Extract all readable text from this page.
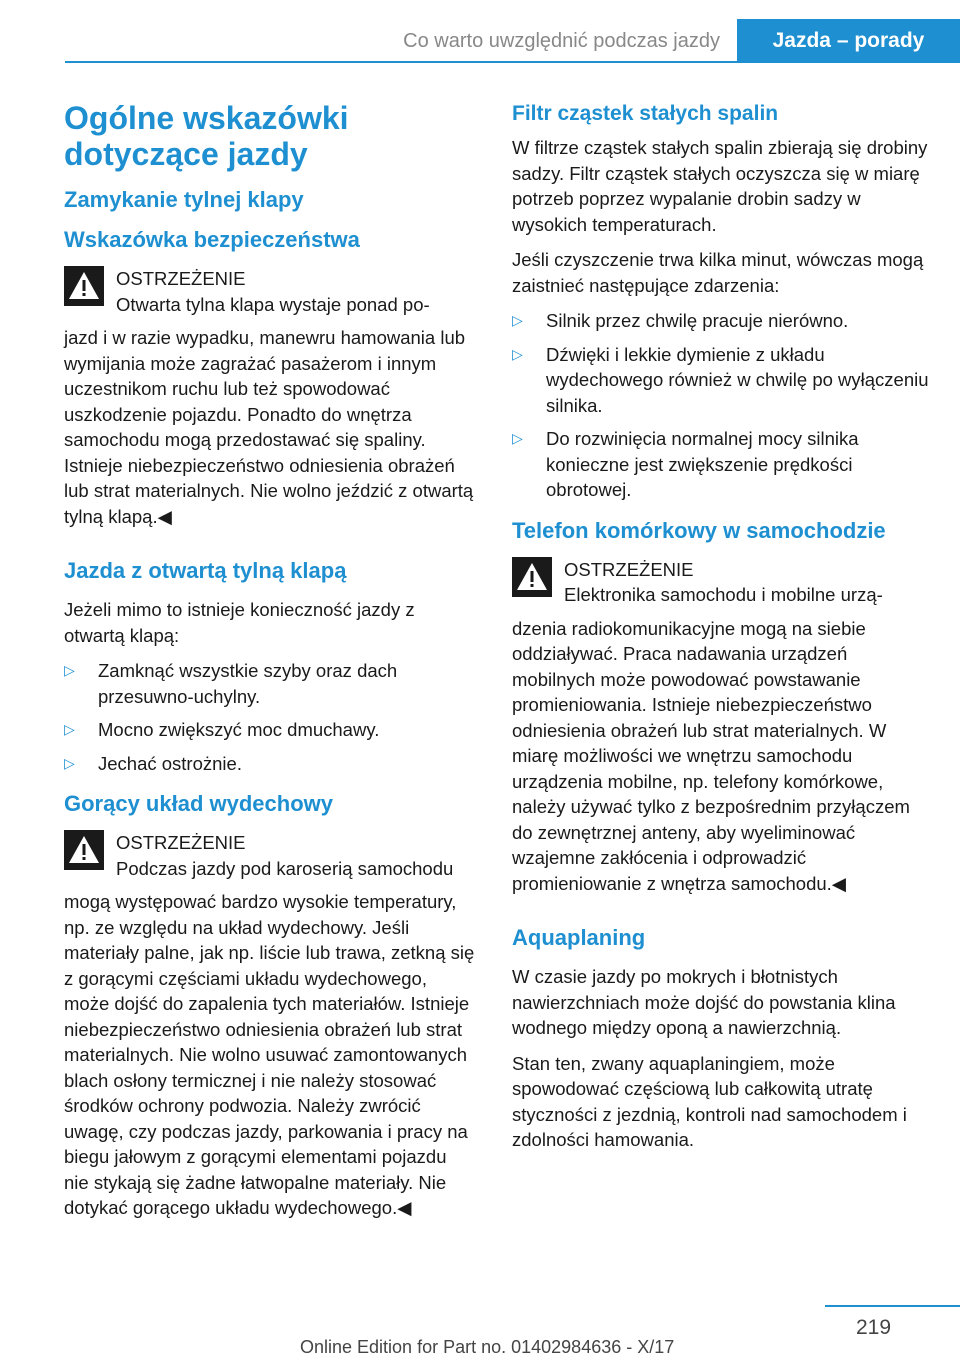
Co warto uwzględnić podczas jazdy	Jazda – porady
Ogólne wskazówki dotyczące jazdy
Zamykanie tylnej klapy
Wskazówka bezpieczeństwa
OSTRZEŻENIE
Otwarta tylna klapa wystaje ponad po-

jazd i w razie wypadku, manewru hamowania lub wymijania może zagrażać pasażerom i innym uczestnikom ruchu lub też spowodować uszkodzenie pojazdu. Ponadto do wnętrza samochodu mogą przedostawać się spaliny. Istnieje niebezpieczeństwo odniesienia obrażeń lub strat materialnych. Nie wolno jeździć z otwartą tylną klapą.◀

Jazda z otwartą tylną klapą

Jeżeli mimo to istnieje konieczność jazdy z otwartą klapą:

▷ Zamknąć wszystkie szyby oraz dach przesuwno-uchylny.
▷ Mocno zwiększyć moc dmuchawy.
▷ Jechać ostrożnie.
Gorący układ wydechowy
OSTRZEŻENIE
Podczas jazdy pod karoserią samochodu

mogą występować bardzo wysokie temperatury, np. ze względu na układ wydechowy. Jeśli materiały palne, jak np. liście lub trawa, zetkną się z gorącymi częściami układu wydechowego, może dojść do zapalenia tych materiałów. Istnieje niebezpieczeństwo odniesienia obrażeń lub strat materialnych. Nie wolno usuwać zamontowanych blach osłony termicznej i nie należy stosować środków ochrony podwozia. Należy zwrócić uwagę, czy podczas jazdy, parkowania i pracy na biegu jałowym z gorącymi elementami pojazdu nie stykają się żadne łatwopalne materiały. Nie dotykać gorącego układu wydechowego.◀

Filtr cząstek stałych spalin

W filtrze cząstek stałych spalin zbierają się drobiny sadzy. Filtr cząstek stałych oczyszcza się w miarę potrzeb poprzez wypalanie drobin sadzy w wysokich temperaturach.

Jeśli czyszczenie trwa kilka minut, wówczas mogą zaistnieć następujące zdarzenia:

▷ Silnik przez chwilę pracuje nierówno.
▷ Dźwięki i lekkie dymienie z układu wydechowego również w chwilę po wyłączeniu silnika.
▷ Do rozwinięcia normalnej mocy silnika konieczne jest zwiększenie prędkości obrotowej.
Telefon komórkowy w samochodzie
OSTRZEŻENIE
Elektronika samochodu i mobilne urzą-

dzenia radiokomunikacyjne mogą na siebie oddziaływać. Praca nadawania urządzeń mobilnych może powodować powstawanie promieniowania. Istnieje niebezpieczeństwo odniesienia obrażeń lub strat materialnych. W miarę możliwości we wnętrzu samochodu urządzenia mobilne, np. telefony komórkowe, należy używać tylko z bezpośrednim przyłączem do zewnętrznej anteny, aby wyeliminować wzajemne zakłócenia i odprowadzić promieniowanie z wnętrza samochodu.◀

Aquaplaning

W czasie jazdy po mokrych i błotnistych nawierzchniach może dojść do powstania klina wodnego między oponą a nawierzchnią.

Stan ten, zwany aquaplaningiem, może spowodować częściową lub całkowitą utratę styczności z jezdnią, kontroli nad samochodem i zdolności hamowania.

219
Online Edition for Part no. 01402984636 - X/17
